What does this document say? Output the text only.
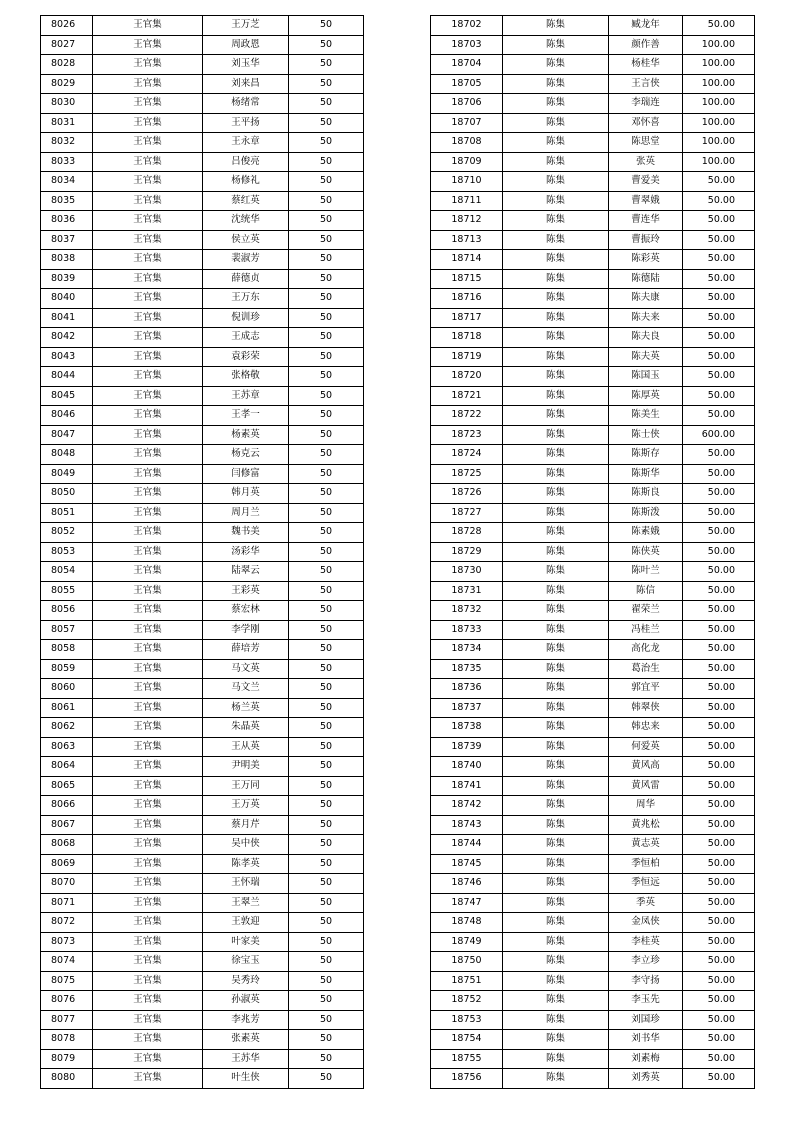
8026	王官集	王万芝	50
8027	王官集	周政恩	50
8028	王官集	刘玉华	50
8029	王官集	刘来昌	50
8030	王官集	杨绪常	50
8031	王官集	王平扬	50
8032	王官集	王永章	50
8033	王官集	吕俊亮	50
8034	王官集	杨修礼	50
8035	王官集	蔡红英	50
8036	王官集	沈统华	50
8037	王官集	侯立英	50
8038	王官集	裴淑芳	50
8039	王官集	薛德贞	50
8040	王官集	王万东	50
8041	王官集	倪训珍	50
8042	王官集	王成志	50
8043	王官集	袁彩荣	50
8044	王官集	张格敬	50
8045	王官集	王苏章	50
8046	王官集	王孝一	50
8047	王官集	杨素英	50
8048	王官集	杨克云	50
8049	王官集	闫修富	50
8050	王官集	韩月英	50
8051	王官集	周月兰	50
8052	王官集	魏书美	50
8053	王官集	汤彩华	50
8054	王官集	陆翠云	50
8055	王官集	王彩英	50
8056	王官集	蔡宏林	50
8057	王官集	李学刚	50
8058	王官集	薛培芳	50
8059	王官集	马文英	50
8060	王官集	马文兰	50
8061	王官集	杨兰英	50
8062	王官集	朱晶英	50
8063	王官集	王从英	50
8064	王官集	尹明美	50
8065	王官集	王万同	50
8066	王官集	王万英	50
8067	王官集	蔡月芹	50
8068	王官集	吴中侠	50
8069	王官集	陈孝英	50
8070	王官集	王怀瑞	50
8071	王官集	王翠兰	50
8072	王官集	王敦迎	50
8073	王官集	叶家美	50
8074	王官集	徐宝玉	50
8075	王官集	吴秀玲	50
8076	王官集	孙淑英	50
8077	王官集	李兆芳	50
8078	王官集	张素英	50
8079	王官集	王苏华	50
8080	王官集	叶生侠	50
18702	陈集	臧龙年	50.00
18703	陈集	颜作善	100.00
18704	陈集	杨桂华	100.00
18705	陈集	王言侠	100.00
18706	陈集	李瑞连	100.00
18707	陈集	邓怀喜	100.00
18708	陈集	陈思堂	100.00
18709	陈集	张英	100.00
18710	陈集	曹爱美	50.00
18711	陈集	曹翠娥	50.00
18712	陈集	曹连华	50.00
18713	陈集	曹振玲	50.00
18714	陈集	陈彩英	50.00
18715	陈集	陈德陆	50.00
18716	陈集	陈夫康	50.00
18717	陈集	陈夫来	50.00
18718	陈集	陈夫良	50.00
18719	陈集	陈夫英	50.00
18720	陈集	陈国玉	50.00
18721	陈集	陈厚英	50.00
18722	陈集	陈美生	50.00
18723	陈集	陈士侠	600.00
18724	陈集	陈斯存	50.00
18725	陈集	陈斯华	50.00
18726	陈集	陈斯良	50.00
18727	陈集	陈斯泼	50.00
18728	陈集	陈素娥	50.00
18729	陈集	陈侠英	50.00
18730	陈集	陈叶兰	50.00
18731	陈集	陈信	50.00
18732	陈集	翟荣兰	50.00
18733	陈集	冯桂兰	50.00
18734	陈集	高化龙	50.00
18735	陈集	葛治生	50.00
18736	陈集	郭宜平	50.00
18737	陈集	韩翠侠	50.00
18738	陈集	韩忠来	50.00
18739	陈集	何爱英	50.00
18740	陈集	黄风高	50.00
18741	陈集	黄风雷	50.00
18742	陈集	周华	50.00
18743	陈集	黄兆松	50.00
18744	陈集	黄志英	50.00
18745	陈集	季恒柏	50.00
18746	陈集	季恒远	50.00
18747	陈集	季英	50.00
18748	陈集	金凤侠	50.00
18749	陈集	李桂英	50.00
18750	陈集	李立珍	50.00
18751	陈集	李守扬	50.00
18752	陈集	李玉先	50.00
18753	陈集	刘国珍	50.00
18754	陈集	刘书华	50.00
18755	陈集	刘素梅	50.00
18756	陈集	刘秀英	50.00
